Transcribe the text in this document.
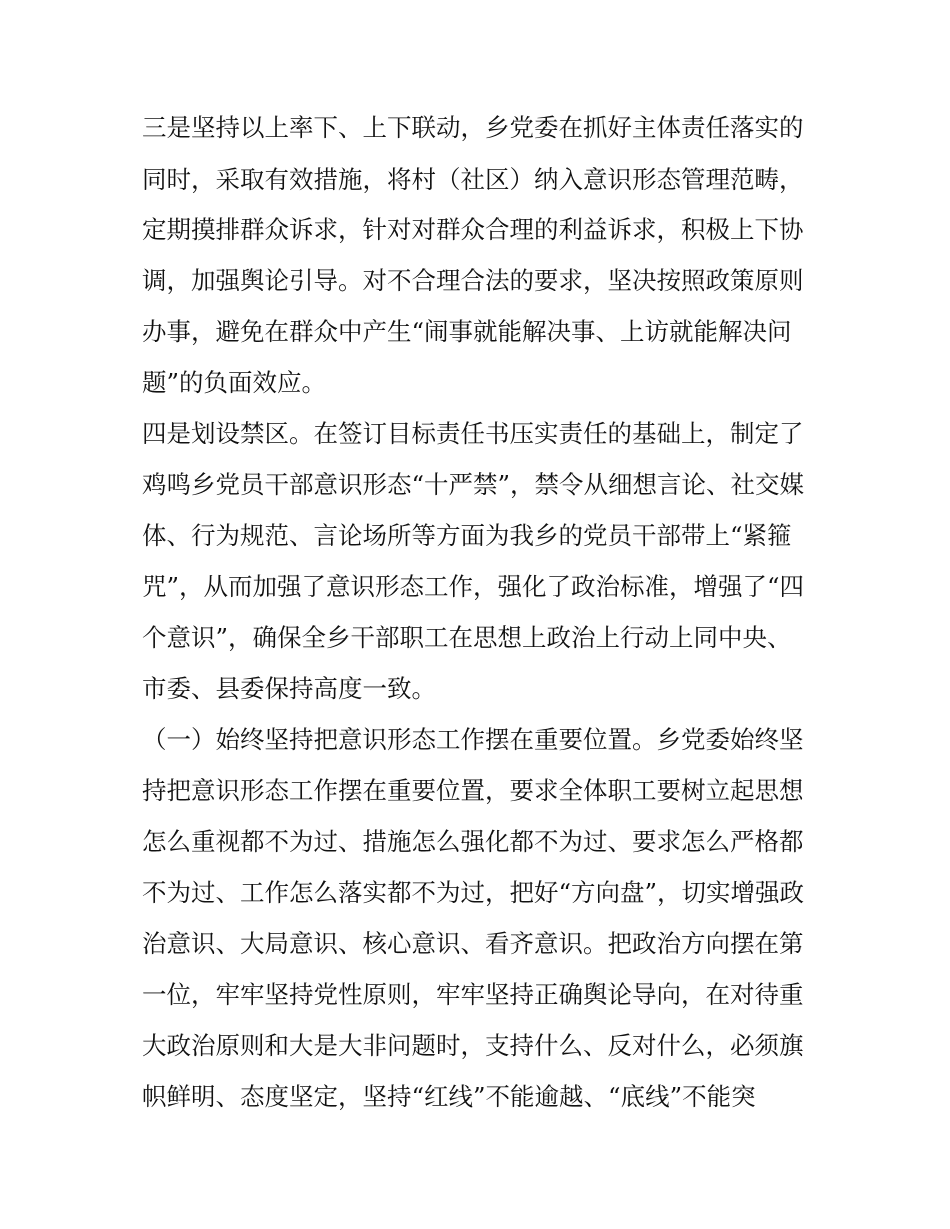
三是坚持以上率下、上下联动，乡党委在抓好主体责任落实的
同时，采取有效措施，将村（社区）纳入意识形态管理范畴，
定期摸排群众诉求，针对对群众合理的利益诉求，积极上下协
调，加强舆论引导。对不合理合法的要求，坚决按照政策原则
办事，避免在群众中产生“闹事就能解决事、上访就能解决问
题”的负面效应。
四是划设禁区。在签订目标责任书压实责任的基础上，制定了
鸡鸣乡党员干部意识形态“十严禁”，禁令从细想言论、社交媒
体、行为规范、言论场所等方面为我乡的党员干部带上“紧箍
咒”，从而加强了意识形态工作，强化了政治标准，增强了“四
个意识”，确保全乡干部职工在思想上政治上行动上同中央、
市委、县委保持高度一致。
（一）始终坚持把意识形态工作摆在重要位置。乡党委始终坚
持把意识形态工作摆在重要位置，要求全体职工要树立起思想
怎么重视都不为过、措施怎么强化都不为过、要求怎么严格都
不为过、工作怎么落实都不为过，把好“方向盘”，切实增强政
治意识、大局意识、核心意识、看齐意识。把政治方向摆在第
一位，牢牢坚持党性原则，牢牢坚持正确舆论导向，在对待重
大政治原则和大是大非问题时，支持什么、反对什么，必须旗
帜鲜明、态度坚定，坚持“红线”不能逾越、“底线”不能突
